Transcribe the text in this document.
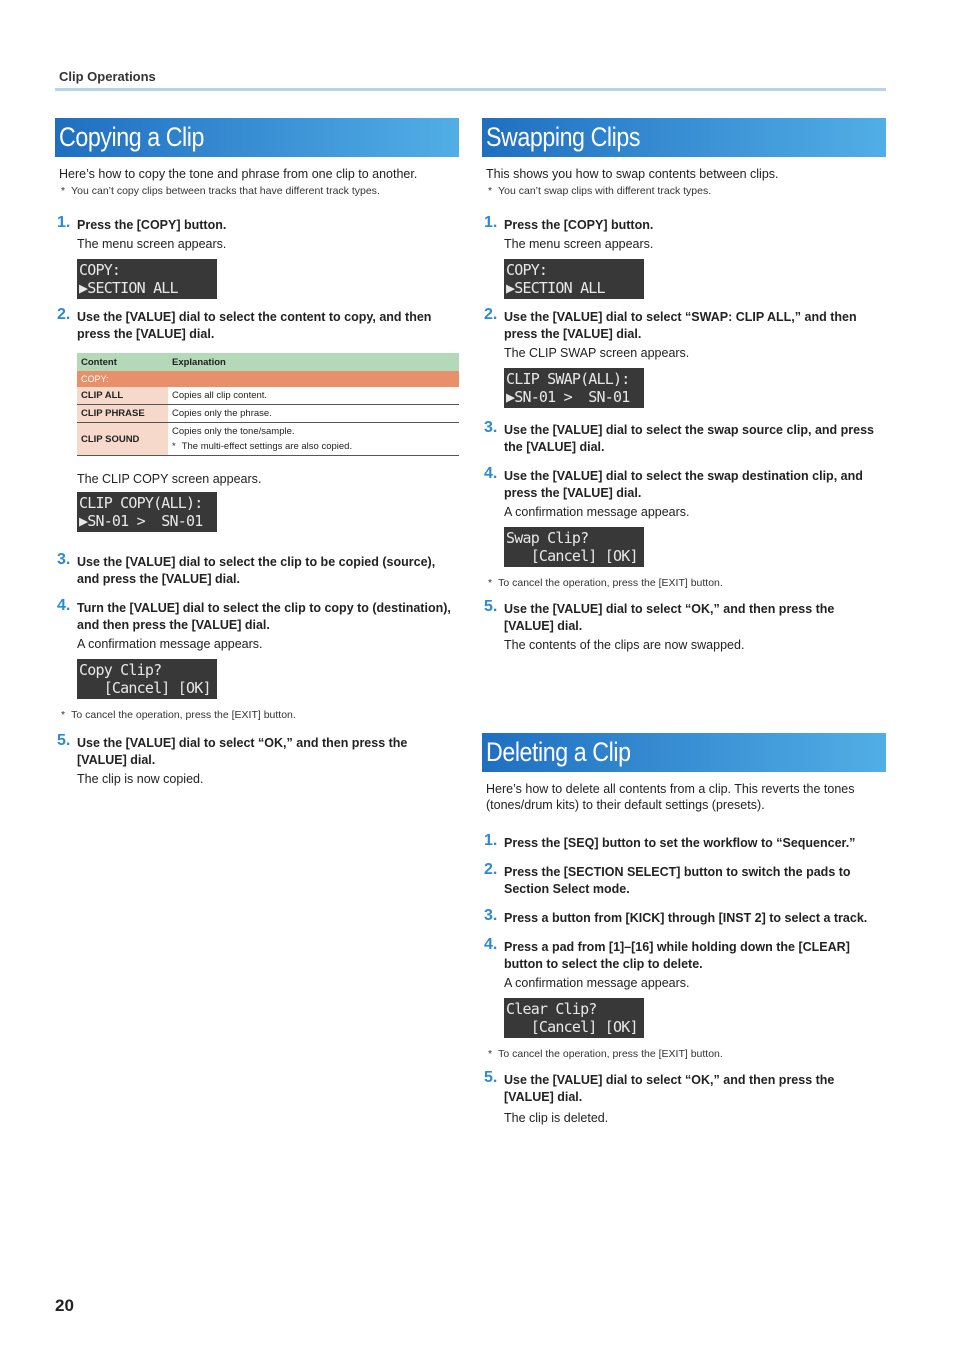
Clip Operations
Copying a Clip
Here’s how to copy the tone and phrase from one clip to another.
* You can’t copy clips between tracks that have different track types.
1. Press the [COPY] button.
The menu screen appears.
COPY:
▶SECTION ALL
2. Use the [VALUE] dial to select the content to copy, and then press the [VALUE] dial.
Content	Explanation
COPY:	
CLIP ALL	Copies all clip content.
CLIP PHRASE	Copies only the phrase.
CLIP SOUND	Copies only the tone/sample.
* The multi-effect settings are also copied.
The CLIP COPY screen appears.
CLIP COPY(ALL):
▶SN-01 >  SN-01
3. Use the [VALUE] dial to select the clip to be copied (source), and press the [VALUE] dial.
4. Turn the [VALUE] dial to select the clip to copy to (destination), and then press the [VALUE] dial.
A confirmation message appears.
Copy Clip?
[Cancel] [OK]
* To cancel the operation, press the [EXIT] button.
5. Use the [VALUE] dial to select “OK,” and then press the [VALUE] dial.
The clip is now copied.
Swapping Clips
This shows you how to swap contents between clips.
* You can’t swap clips with different track types.
1. Press the [COPY] button.
The menu screen appears.
COPY:
▶SECTION ALL
2. Use the [VALUE] dial to select “SWAP: CLIP ALL,” and then press the [VALUE] dial.
The CLIP SWAP screen appears.
CLIP SWAP(ALL):
▶SN-01 >  SN-01
3. Use the [VALUE] dial to select the swap source clip, and press the [VALUE] dial.
4. Use the [VALUE] dial to select the swap destination clip, and press the [VALUE] dial.
A confirmation message appears.
Swap Clip?
[Cancel] [OK]
* To cancel the operation, press the [EXIT] button.
5. Use the [VALUE] dial to select “OK,” and then press the [VALUE] dial.
The contents of the clips are now swapped.
Deleting a Clip
Here’s how to delete all contents from a clip. This reverts the tones (tones/drum kits) to their default settings (presets).
1. Press the [SEQ] button to set the workflow to “Sequencer.”
2. Press the [SECTION SELECT] button to switch the pads to Section Select mode.
3. Press a button from [KICK] through [INST 2] to select a track.
4. Press a pad from [1]–[16] while holding down the [CLEAR] button to select the clip to delete.
A confirmation message appears.
Clear Clip?
[Cancel] [OK]
* To cancel the operation, press the [EXIT] button.
5. Use the [VALUE] dial to select “OK,” and then press the [VALUE] dial.
The clip is deleted.
20
